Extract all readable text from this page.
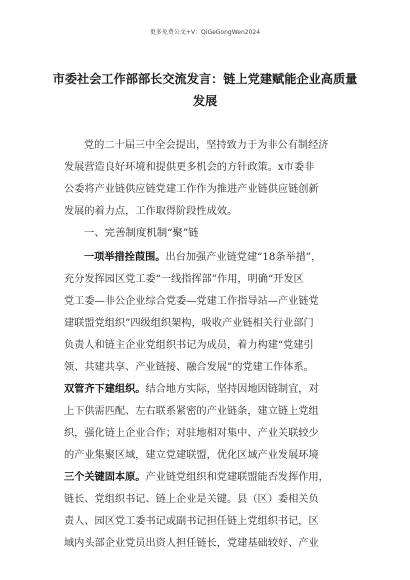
更多免费公文+V：QiGeGongWen2024
市委社会工作部部长交流发言：链上党建赋能企业高质量
发展
党的二十届三中全会提出，坚持致力于为非公有制经济
发展营造良好环境和提供更多机会的方针政策。x市委非
公委将产业链供应链党建工作作为推进产业链供应链创新
发展的着力点，工作取得阶段性成效。
一、完善制度机制“聚”链
一项举措拴葭围。出台加强产业链党建“18条举措”，
充分发挥园区党工委“一线指挥部”作用，明确“开发区
党工委—非公企业综合党委—党建工作指导站—产业链党
建联盟党组织”四级组织架构，吸收产业链相关行业部门
负责人和链主企业党组织书记为成员，着力构建“党建引
领、共建共享、产业链接、融合发展”的党建工作体系。
双管齐下建组织。结合地方实际，坚持因地因链制宜，对
上下供需匹配、左右联系紧密的产业链条，建立链上党组
织，强化链上企业合作；对驻地相对集中、产业关联较少
的产业集聚区域，建立党建联盟，优化区域产业发展环境
三个关键固本原。产业链党组织和党建联盟能否发挥作用，
链长、党组织书记、链上企业是关键。县（区）委相关负
责人、园区党工委书记或副书记担任链上党组织书记，区
域内头部企业党员出资人担任链长，党建基础较好、产业
